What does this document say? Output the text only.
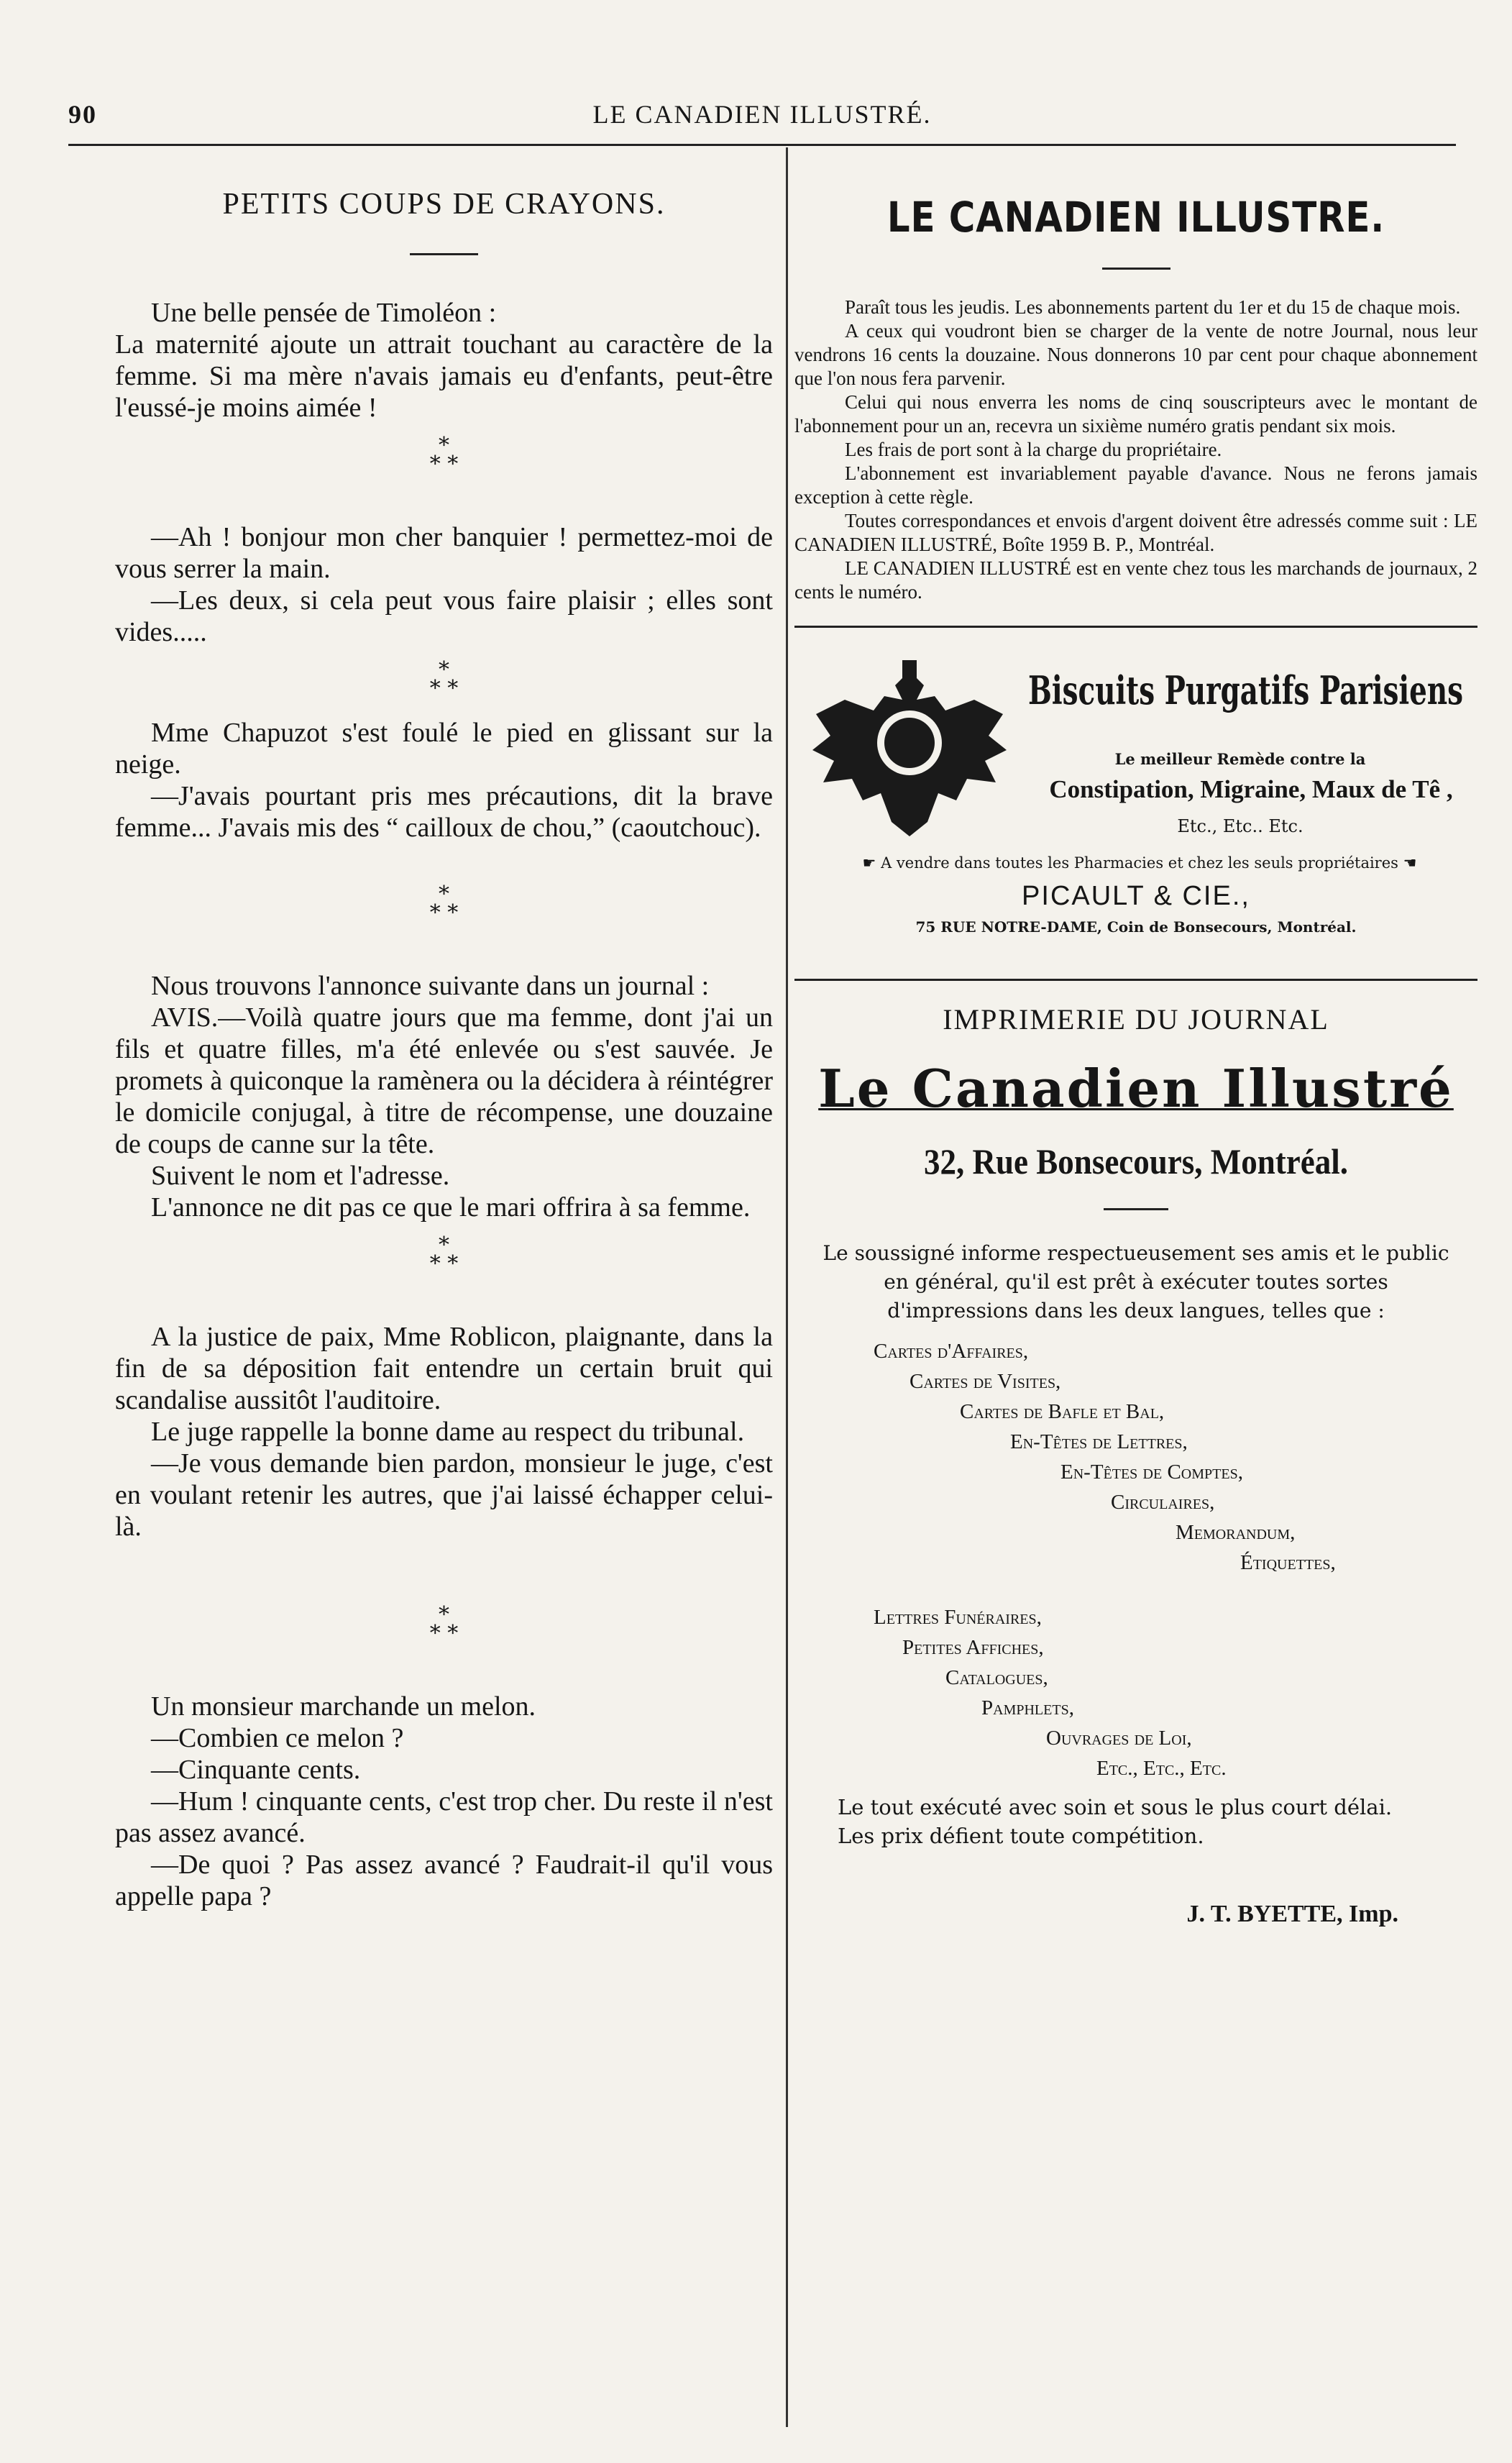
90	LE CANADIEN ILLUSTRÉ.
PETITS COUPS DE CRAYONS.

Une belle pensée de Timoléon :

La maternité ajoute un attrait touchant au caractère de la femme. Si ma mère n'avais jamais eu d'enfants, peut-être l'eussé-je moins aimée !

*
* *

—Ah ! bonjour mon cher banquier ! permettez-moi de vous serrer la main.

—Les deux, si cela peut vous faire plaisir ; elles sont vides.....

*
* *

Mme Chapuzot s'est foulé le pied en glissant sur la neige.

—J'avais pourtant pris mes précautions, dit la brave femme... J'avais mis des “ cailloux de chou,” (caoutchouc).

*
* *

Nous trouvons l'annonce suivante dans un journal :

AVIS.—Voilà quatre jours que ma femme, dont j'ai un fils et quatre filles, m'a été enlevée ou s'est sauvée. Je promets à quiconque la ramènera ou la décidera à réintégrer le domicile conjugal, à titre de récompense, une douzaine de coups de canne sur la tête.

Suivent le nom et l'adresse.

L'annonce ne dit pas ce que le mari offrira à sa femme.

*
* *

A la justice de paix, Mme Roblicon, plaignante, dans la fin de sa déposition fait entendre un certain bruit qui scandalise aussitôt l'auditoire.

Le juge rappelle la bonne dame au respect du tribunal.

—Je vous demande bien pardon, monsieur le juge, c'est en voulant retenir les autres, que j'ai laissé échapper celui-là.

*
* *

Un monsieur marchande un melon.

—Combien ce melon ?

—Cinquante cents.

—Hum ! cinquante cents, c'est trop cher. Du reste il n'est pas assez avancé.

—De quoi ? Pas assez avancé ? Faudrait-il qu'il vous appelle papa ?

LE CANADIEN ILLUSTRE.

Paraît tous les jeudis. Les abonnements partent du 1er et du 15 de chaque mois.

A ceux qui voudront bien se charger de la vente de notre Journal, nous leur vendrons 16 cents la douzaine. Nous donnerons 10 par cent pour chaque abonnement que l'on nous fera parvenir.

Celui qui nous enverra les noms de cinq souscripteurs avec le montant de l'abonnement pour un an, recevra un sixième numéro gratis pendant six mois.

Les frais de port sont à la charge du propriétaire.

L'abonnement est invariablement payable d'avance. Nous ne ferons jamais exception à cette règle.

Toutes correspondances et envois d'argent doivent être adressés comme suit : LE CANADIEN ILLUSTRÉ, Boîte 1959 B. P., Montréal.

LE CANADIEN ILLUSTRÉ est en vente chez tous les marchands de journaux, 2 cents le numéro.

Biscuits Purgatifs Parisiens
Le meilleur Remède contre la
Constipation, Migraine, Maux de Tê ,
Etc., Etc.. Etc.
☛ A vendre dans toutes les Pharmacies et chez les seuls propriétaires ☚
PICAULT & CIE.,
75 RUE NOTRE-DAME, Coin de Bonsecours, Montréal.
IMPRIMERIE DU JOURNAL
Le Canadien Illustré
32, Rue Bonsecours, Montréal.
Le soussigné informe respectueusement ses amis et le public en général, qu'il est prêt à exécuter toutes sortes d'impressions dans les deux langues, telles que :
Cartes d'Affaires,
Cartes de Visites,
Cartes de Bafle et Bal,
En-Têtes de Lettres,
En-Têtes de Comptes,
Circulaires,
Memorandum,
Étiquettes,
Lettres Funéraires,
Petites Affiches,
Catalogues,
Pamphlets,
Ouvrages de Loi,
Etc., Etc., Etc.
Le tout exécuté avec soin et sous le plus court délai.
Les prix défient toute compétition.
J. T. BYETTE, Imp.
